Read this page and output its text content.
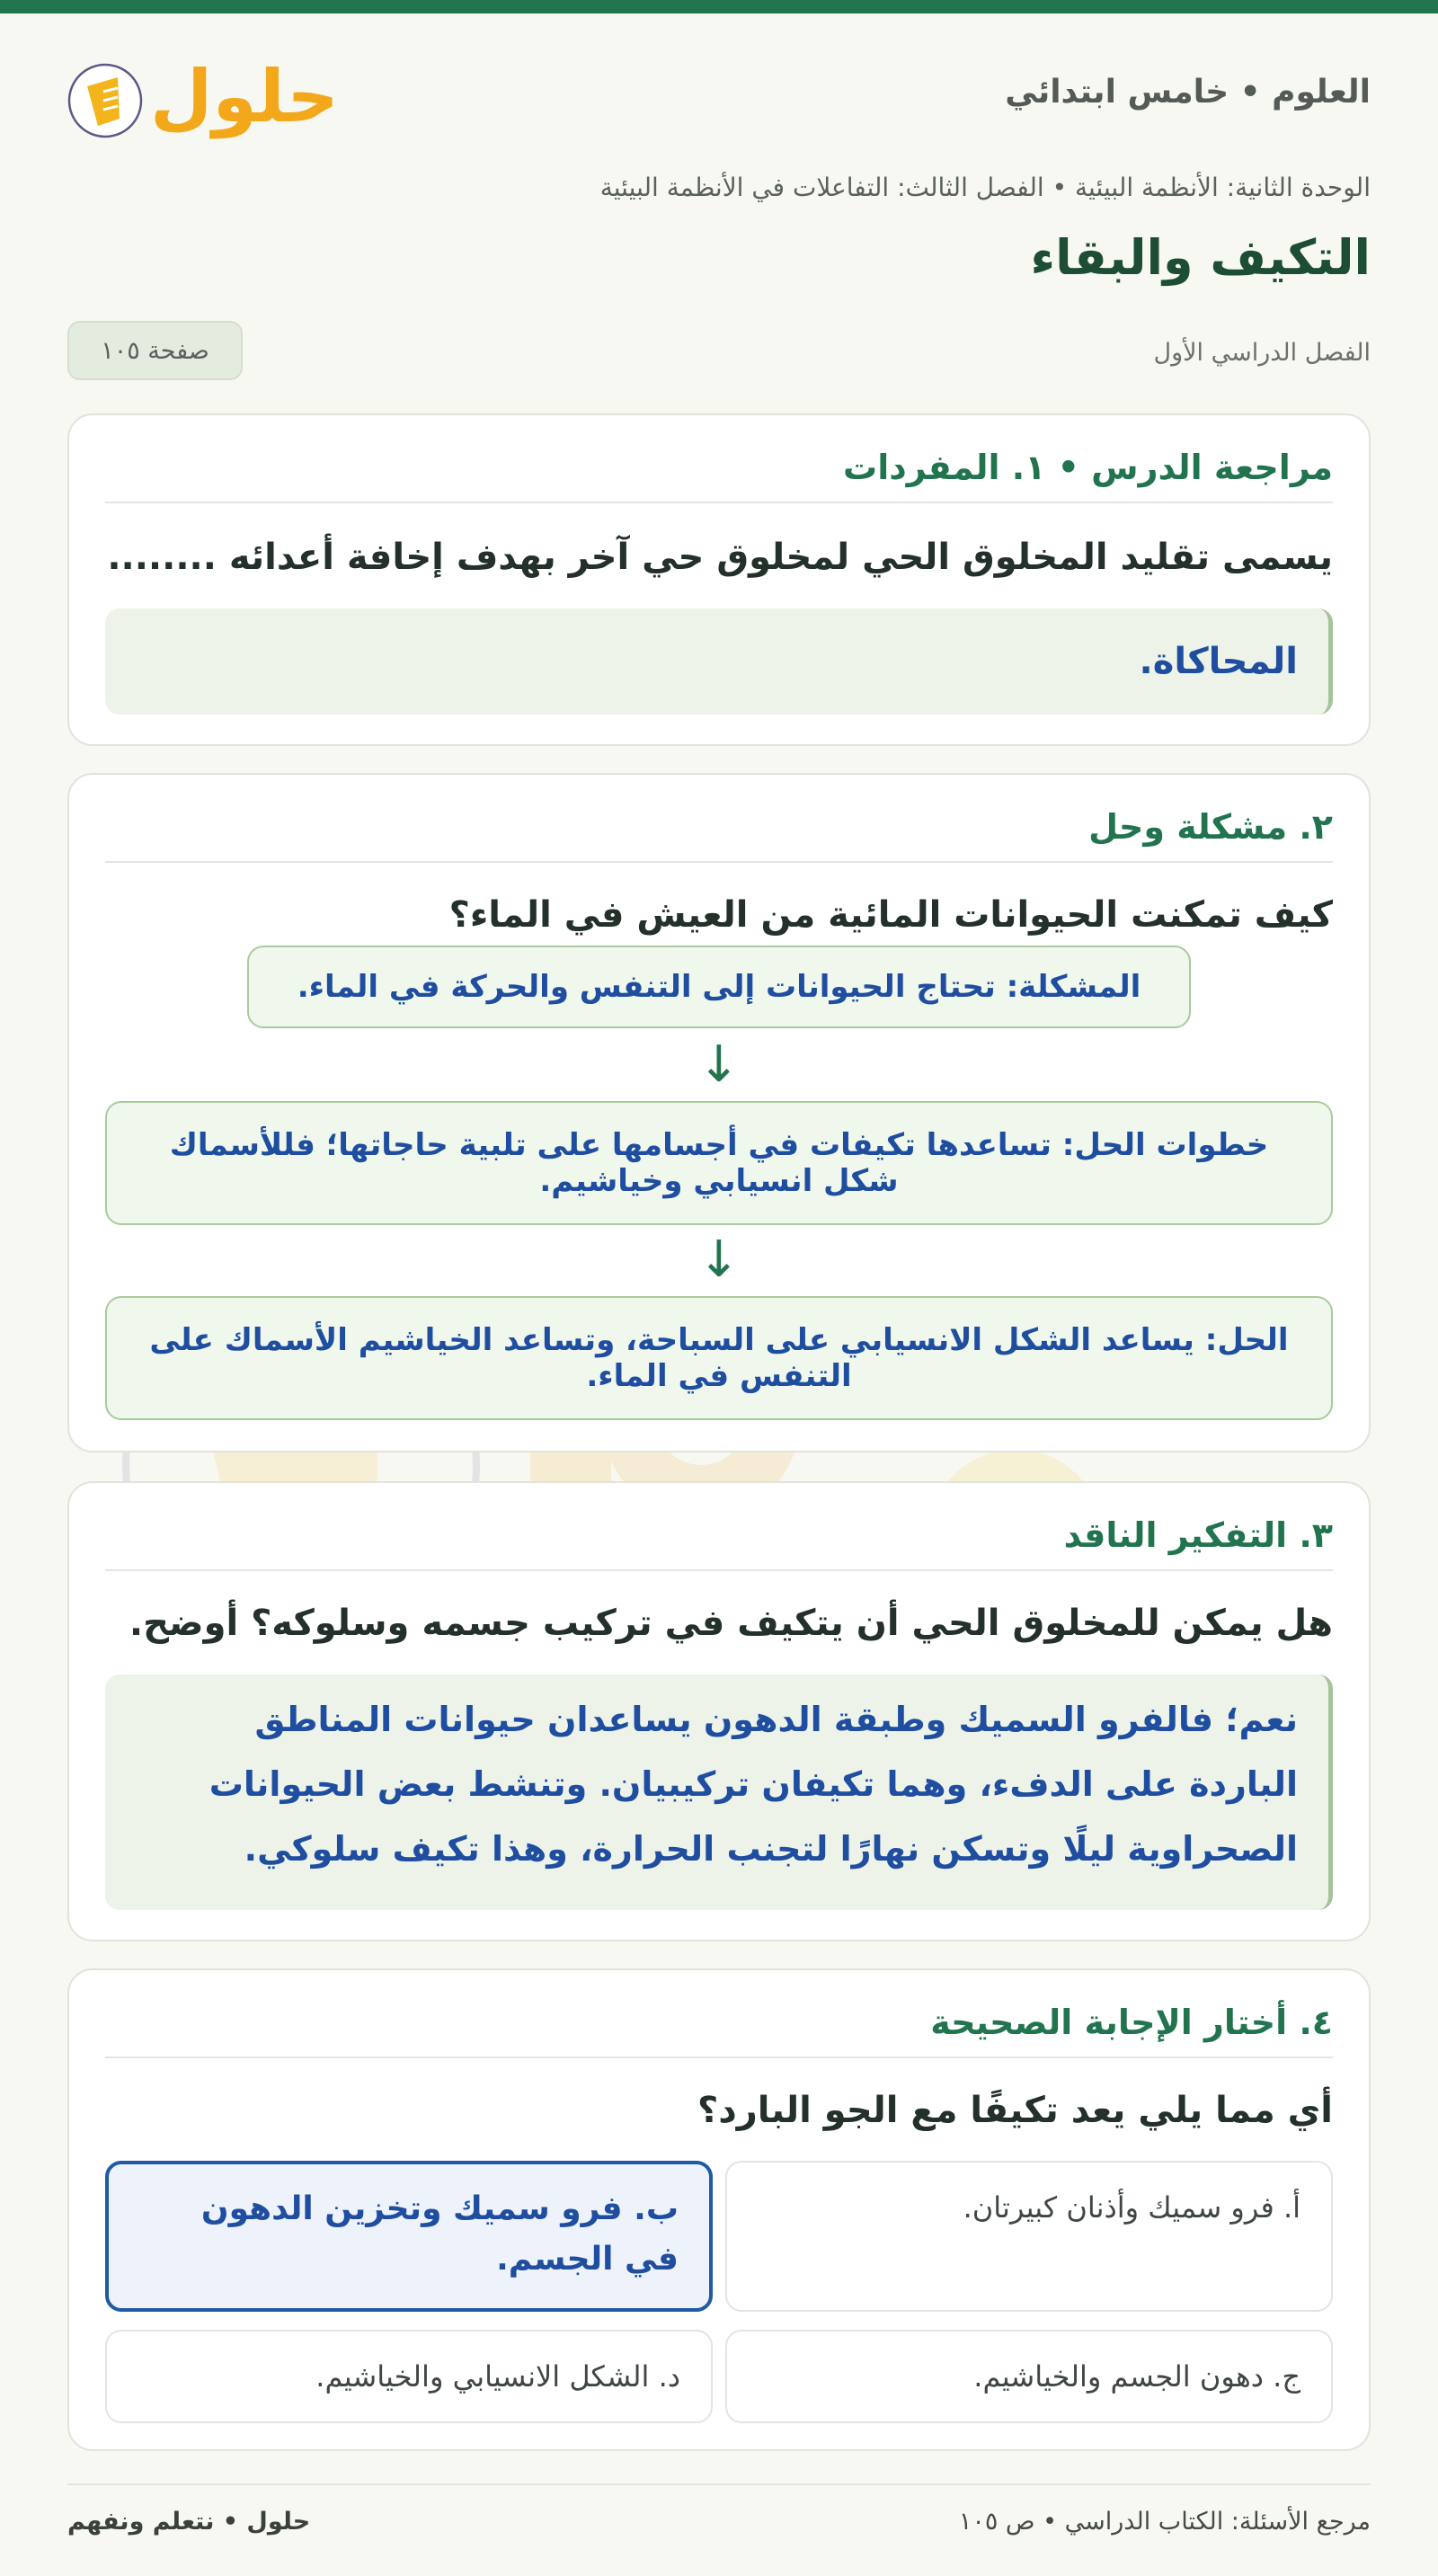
العلوم • خامس ابتدائي
حلول
الوحدة الثانية: الأنظمة البيئية • الفصل الثالث: التفاعلات في الأنظمة البيئية
التكيف والبقاء
الفصل الدراسي الأول
صفحة ١٠٥
مراجعة الدرس • ١. المفردات

يسمى تقليد المخلوق الحي لمخلوق حي آخر بهدف إخافة أعدائه ........

المحاكاة.
٢. مشكلة وحل

كيف تمكنت الحيوانات المائية من العيش في الماء؟

المشكلة: تحتاج الحيوانات إلى التنفس والحركة في الماء.
↓
خطوات الحل: تساعدها تكيفات في أجسامها على تلبية حاجاتها؛ فللأسماك شكل انسيابي وخياشيم.
↓
الحل: يساعد الشكل الانسيابي على السباحة، وتساعد الخياشيم الأسماك على التنفس في الماء.
٣. التفكير الناقد

هل يمكن للمخلوق الحي أن يتكيف في تركيب جسمه وسلوكه؟ أوضح.

نعم؛ فالفرو السميك وطبقة الدهون يساعدان حيوانات المناطق الباردة على الدفء، وهما تكيفان تركيبيان. وتنشط بعض الحيوانات الصحراوية ليلًا وتسكن نهارًا لتجنب الحرارة، وهذا تكيف سلوكي.
٤. أختار الإجابة الصحيحة

أي مما يلي يعد تكيفًا مع الجو البارد؟

أ. فرو سميك وأذنان كبيرتان.
ب. فرو سميك وتخزين الدهون في الجسم.
ج. دهون الجسم والخياشيم.
د. الشكل الانسيابي والخياشيم.
مرجع الأسئلة: الكتاب الدراسي • ص ١٠٥
حلول • نتعلم ونفهم
